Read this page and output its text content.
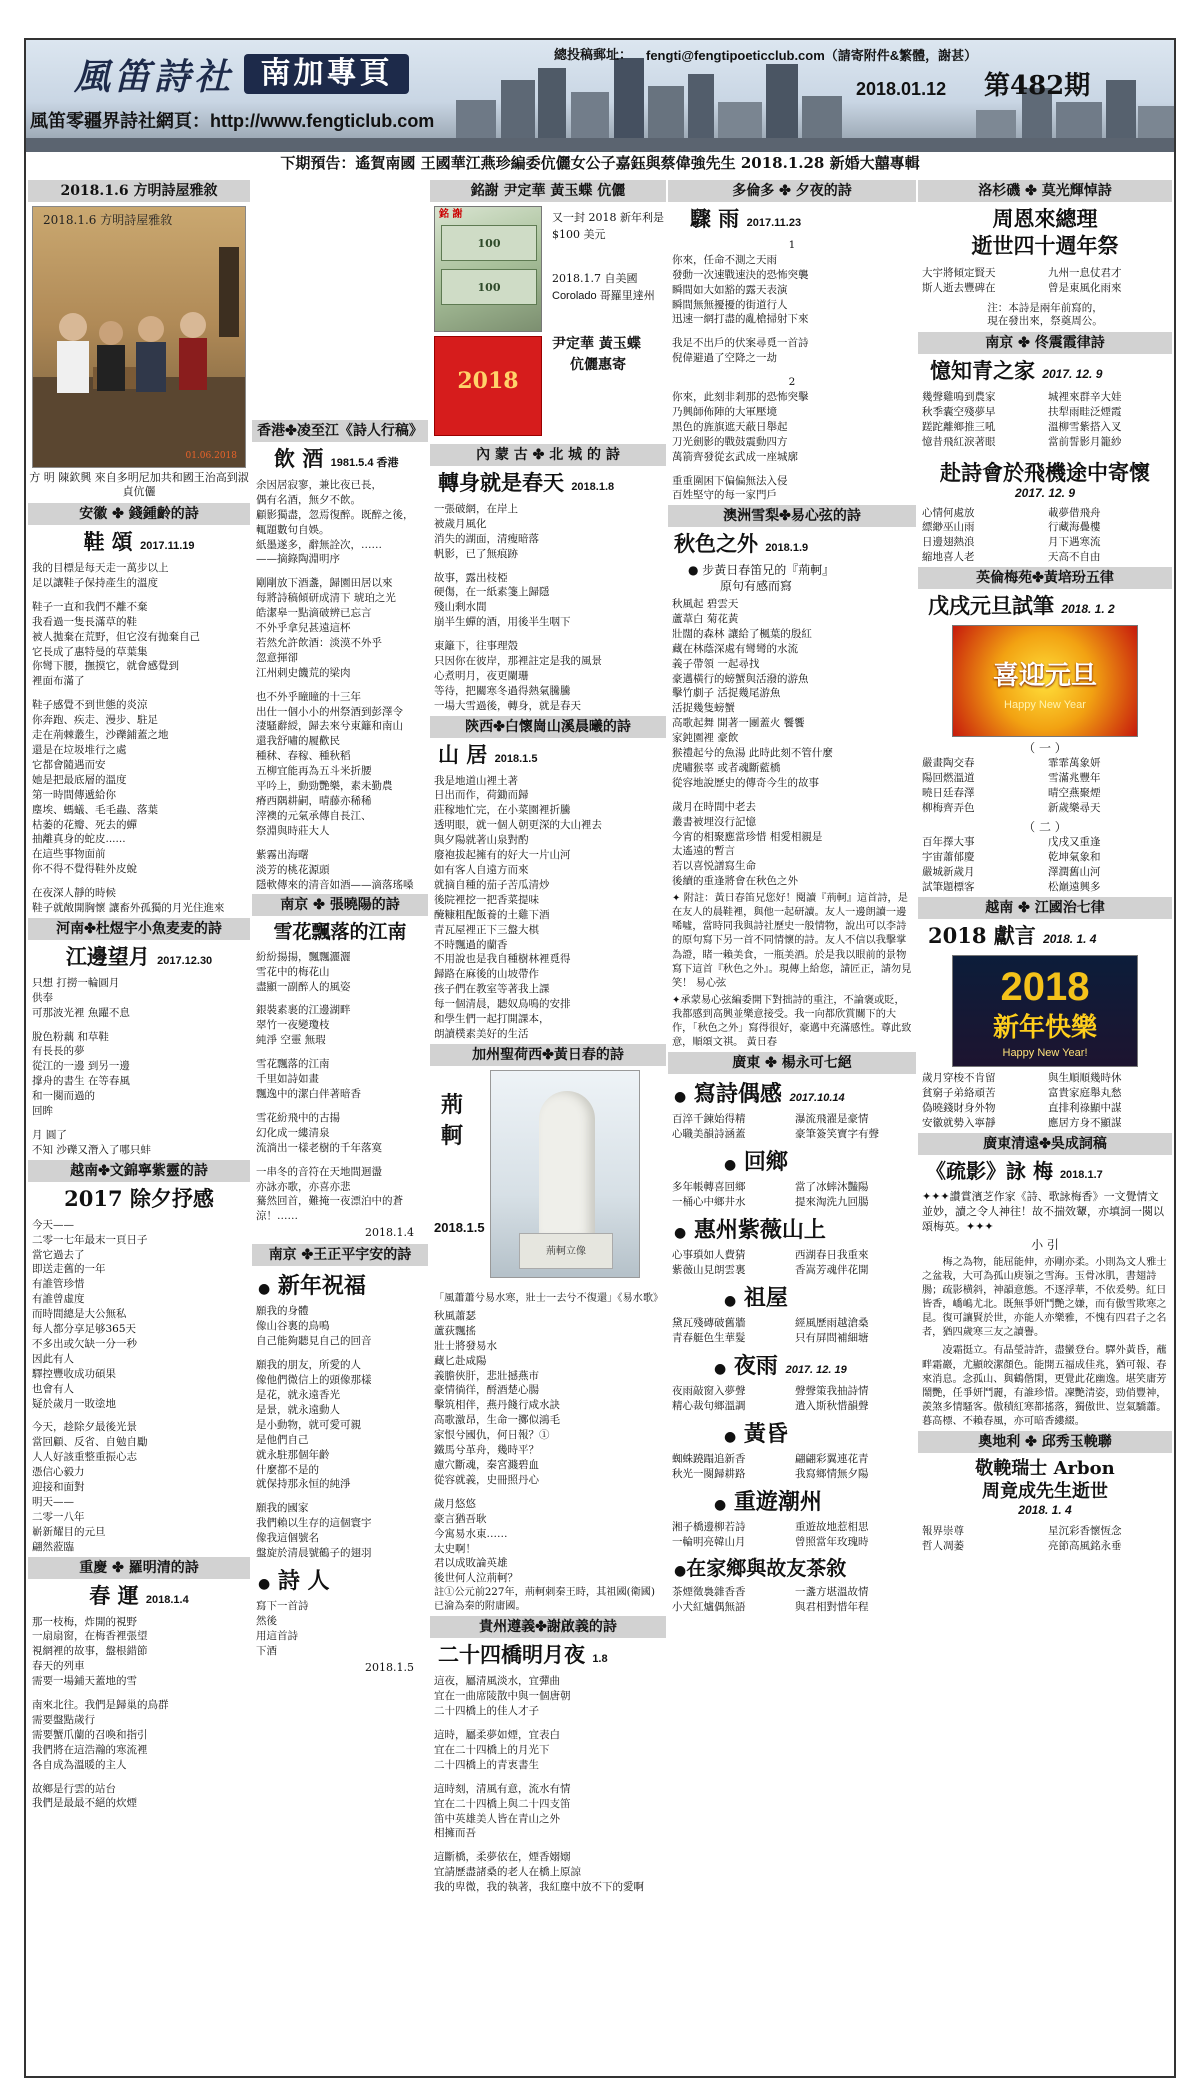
風笛詩社 南加專頁
風笛零疆界詩社網頁：http://www.fengticlub.com
總投稿郵址： fengti@fengtipoeticclub.com（請寄附件&繁體，謝甚）
2018.01.12 第482期
下期預告：遙賀南國 王國華江燕珍編委伉儷女公子嘉鈺與蔡偉強先生 2018.1.28 新婚大囍專輯
2018.1.6 方明詩屋雅敘
2018.1.6 方明詩屋雅敘
01.06.2018
方 明 陳欽興 來自多明尼加共和國王治高到淑貞伉儷
安徽 ✤ 錢鍾齡的詩
鞋 頌 2017.11.19
我的目標是每天走一萬步以上
足以讓鞋子保持產生的溫度
鞋子一直和我們不離不棄
我看過一隻長滿草的鞋
被人拋棄在荒野，但它沒有抛棄自己
它長成了惠特曼的草葉集
你彎下腰，撫摸它，就會感覺到
裡面布滿了
鞋子感覺不到世態的炎涼
你奔跑、疾走、漫步、駐足
走在荊棘叢生，沙礫鋪蓋之地
還是在垃圾堆行之處
它都會隨遇而安
她是把最底層的溫度
第一時間傳遞給你
塵埃、螞蟻、毛毛蟲、落葉
枯萎的花瓣、死去的蟬
抽離真身的蛇皮......
在這些事物面前
你不得不覺得鞋外皮蛻
在夜深人靜的時候
鞋子就敞開胸懷 讓畜外孤獨的月光住進來
河南✤杜煜宇小魚麦麦的詩
江邊望月 2017.12.30
只想 打撈一輪圓月
供奉
可那波光裡 魚躍不息
脫色粉藕 和草鞋
有長長的夢
從江的一邊 到另一邊
撑舟的書生 在等春風
和一闋而過的
回眸
月 圓了
不知 沙礫又潛入了哪只蚌
越南✤文錦寧紫靈的詩
2017 除夕抒感
今天——
二零一七年最末一頁日子
當它過去了
即送走舊的一年
有誰管珍惜
有誰曾虛度
而時間總是大公無私
每人都分享足够365天
不多出或欠缺一分一秒
因此有人
驛控豐收成功碩果
也會有人
疑於歲月一敗塗地
今天，趁除夕最後光景
當回顧、反省、自勉自勵
人人好該重整重振心志
憑信心毅力
迎接和面對
明天——
二零一八年
嶄新耀目的元旦
翩然蒞臨
重慶 ✤ 羅明清的詩
春 運 2018.1.4
那一枝梅，炸開的視野
一扇扇窗，在梅香裡張望
視網裡的故事，盤根錯節
春天的列車
需要一場鋪天蓋地的雪
南來北往。我們是歸巢的鳥群
需要盤點歲行
需要蟹爪蘭的召喚和指引
我們將在這浩瀚的寒流裡
各自成為溫暖的主人
故鄉是行雲的站台
我們是最最不絕的炊煙
香港✤凌至江《詩人行稿》
飲 酒 1981.5.4 香港
余因居寂寥，兼比夜已長，
偶有名酒，無夕不飲。
顧影獨盡，忽焉復醉。既醉之後，
輒題數句自娛。
紙墨遂多，辭無詮次，……
——摘錄陶淵明序
剛剛放下酒盞，歸園田居以來
每將詩稿傾研成清下 琥珀之光
皓潔皋一點滴破辨已忘言
不外乎拿兒甚遠這杯
若然允許飲酒：淡漠不外乎
忽意揮卻
江州刺史饑荒的梁肉
也不外乎瞳瞳的十三年
出仕一個小小的州祭酒到彭澤令
淒騷辭綬，歸去來兮東籬和南山
還我舒嘯的履歡民
種秫、春稼、種秋稻
五柳宜能再為五斗米折腰
平吟上，動勁艷樂，素未勤農
瘠西隅耕嗣，晴藤亦稀稀
滓襖的元氣承傳自長江、
祭淵與時莊大人
紫霧出海曙
淡芳的桃花源頭
隱軟傳來的清音如酒——滴落瑤嗓
南京 ✤ 張曉陽的詩
雪花飄落的江南
紛紛揚揚，飄飄灑灑
雪花中的梅花山
盡顯一副醉人的風姿
銀裝素裹的江邊湖畔
翠竹一夜變瓊枝
純淨 空靈 無瑕
雪花飄落的江南
千里如詩如畫
飄逸中的潔白伴著暗香
雪花紛飛中的古揚
幻化成一縷清泉
流淌出一樣老樹的千年落寞
一串冬的音符在天地間迴盪
亦詠亦歌，亦喜亦悲
驀然回首，難掩一夜漂泊中的蒼涼！……
2018.1.4
南京 ✤王正平宇安的詩
● 新年祝福
願我的身體
像山谷裏的鳥鳴
自己能夠聽見自己的回音
願我的朋友，所愛的人
像他們微信上的頭像那樣
是花，就永遠香光
是景，就永遠動人
是小動物，就可愛可親
是他們自己
就永駐那個年齡
什麼都不是的
就保持那永恒的純淨
願我的國家
我們賴以生存的這個寰宇
像我這個號名
盤旋於清晨號鶴子的翅羽
● 詩 人
寫下一首詩
然後
用這首詩
下酒
2018.1.5
銘謝 尹定華 黃玉蝶 伉儷
銘 謝
100
100
2018
又一封 2018 新年利是
$100 美元
2018.1.7 自美國
Corolado 哥羅里達州
尹定華 黃玉蝶
伉儷惠寄
內 蒙 古 ✤ 北 城 的 詩
轉身就是春天 2018.1.8
一張破網，在岸上
被歲月風化
消失的湖面，清瘦暗落
帆影，已了無痕跡
故事，露出枝椏
硬傷，在一紙素箋上歸隱
殘山剩水間
崩半生蟬的酒，用後半生咽下
東籬下，往事理殼
只因你在彼岸，那裡註定是我的風景
心煮明月，夜更闌珊
等待，把關寒冬過得熱氣騰騰
一場大雪過後，轉身，就是春天
陝西✤白懷崗山溪晨曦的詩
山 居 2018.1.5
我是地道山裡土著
日出而作，荷鋤而歸
莊稼地忙完，在小菜園裡折騰
透明眼，就一個人朝更深的大山裡去
與夕陽就著山泉對酌
廢袍拔起擁有的好大一片山河
如有客人自遠方而來
就摘自種的茄子苦瓜清炒
後院裡挖一把香菜提味
醃糠粗配飯養的土雞下酒
青瓦屋裡正下三盤大棋
不時飄過的蘭香
不用說也是我自種樹林裡覓得
歸路在麻後的山坡帶作
孩子們在教室等著我上課
每一個清晨，聽奴鳥鳴的安排
和學生們一起打開課本，
朗讀樸素美好的生活
加州聖荷西✤黃日春的詩
荊軻
2018.1.5
荊軻立像
「風蕭蕭兮易水寒，壯士一去兮不復還」《易水歌》
秋風蕭瑟
蘆荻飄搖
壯士將發易水
藏匕赴咸陽
義膽俠肝，悲壯撼燕市
豪情徜徉，酹酒楚心腸
擊筑相伴，燕丹餞行咸水訣
高歌激昂，生命一擲似鴻毛
家恨兮國仇，何日報？①
鐵馬兮革舟，幾時平？
慮穴斷魂，秦宮濺碧血
從容就義，史冊照丹心
歲月悠悠
豪言猶吾耿
今寓易水東……
太史啊！
君以成敗論英雄
後世何人泣荊軻？
註①公元前227年，荊軻刺秦王時，其祖國(衛國)已淪為秦的附庸國。
貴州遵義✤謝啟義的詩
二十四橋明月夜 1.8
這夜，屬清風淡水，宜彈曲
宜在一曲席陵散中與一個唐朝
二十四橋上的佳人才子
這時，屬柔夢如煙，宜表白
宜在二十四橋上的月光下
二十四橋上的青衷書生
這時刻，清風有意，流水有情
宜在二十四橋上與二十四支笛
笛中英雄美人皆在青山之外
相擁而吾
這斷橋，柔夢依在，煙香嫋嫋
宜請歷盡諸桑的老人在橋上原諒
我的卑微，我的執著，我紅塵中放不下的愛啊
多倫多 ✤ 夕夜的詩
驟 雨 2017.11.23
1
你來，任命不測之天雨
發動一次速戰速決的恐怖突襲
瞬間如大如豁的露天表演
瞬間無無擾擾的街道行人
迅速一網打盡的亂槍掃射下來
我足不出戶的伏案尋覓一首詩
倪偉避過了空降之一劫
2
你來，此刻非剎那的恐怖突擊
乃興師佈陣的大軍壓境
黑色的旌旗遮天蔽日舉起
刀光劍影的戰鼓震動四方
萬箭齊發從玄武成一座城廓
重重圍困下偏偏無法入侵
百姓堅守的每一家門戶
澳洲雪梨✤易心弦的詩
秋色之外 2018.1.9
● 步黃日春笛兄的『荊軻』
原句有感而寫
秋風起 碧雲天
蘆葦白 菊花黃
壯闊的森林 讓給了楓葉的殷紅
藏在林蔭深處有彎彎的水流
義子帶領 一起尋找
豪邁橫行的螃蟹與活潑的游魚
擊竹劇子 活捉幾尾游魚
活捉幾隻螃蟹
高歌起舞 開著一團蓋火 饗饗
家鈍園裡 豪飲
猴禮起兮的魚湯 此時此刻不管什麼
虎嘯猴辜 或者魂斷藍橋
從容地說歷史的傳奇今生的故事
歲月在時間中老去
叢書被埋沒行記憶
今宵的相聚應當珍惜 相愛相親是
太遙遠的暫言
若以喜悦譜寫生命
後續的重逢將會在秋色之外
✦ 附註：黃日春笛兄您好！閱讀『荊軻』這首詩，是在友人的晨鞋裡，與他一起研讀。友人一邊朗讀一邊唏噓，當時同我與詩社歷史一般情物，說出可以李詩的原句寫下另一首不同情懷的詩。友人不信以我擊掌為證，睹一賴美食，一瓶美酒。於是我以眼前的景物寫下這首『秋色之外』。現傳上給您，請匠正，請勿見笑！ 易心弦
✦承蒙易心弦編委開下對拙詩的重注，不論褒或貶，我都感到高興並樂意接受。我一向都欣賞關下的大作，「秋色之外」寫得很好，豪邁中充滿感性。尊此致意，順頌文祺。 黃日春
廣東 ✤ 楊永可七絕
● 寫詩偶感 2017.10.14
百淬千鍊始得精	瀑流飛濯是豪情
心職美韻詩涵蓋	豪筆簽笑寶字有聲
● 回鄉
多年帳轉喜回鄉	當了冰蟀沐豔陽
一桶心中鄉井水	提來淘洗九回腸
● 惠州紫薇山上
心事瑣如人費猜	西湖春日我重來
紫薇山見朗雲裏	香嵩芳魂伴花開
● 祖屋
黛瓦殘磚破舊牆	經風歷雨越滄桑
青春艇色生華髮	只有屏問補細塘
● 夜雨 2017. 12. 19
夜雨敲窗入夢聲	聲聲策我抽詩情
精心裁句鄉溫調	遣入斯秋惜韻聲
● 黃昏
蜘蛛蹺蹋追新香	翩翩彩翼連花青
秋光一闋歸耕路	我寫鄉情無夕陽
● 重遊潮州
湘子橋邊柳若詩	重遊故地惹相思
一輪明亮韓山月	曾照當年玫瑰時
●在家鄉與故友茶敘
茶煙徵裊雜香香	一盞方堪溫故情
小犬紅爐偶無語	與君相對惜年程
洛杉磯 ✤ 莫光輝悼詩
周恩來總理
逝世四十週年祭
大宇將傾定賢天	九州一息仗君才
斯人逝去豐碑在	曾是東風化雨來
注：本詩是兩年前寫的，
現在發出來，祭奠周公。
南京 ✤ 佟震霞律詩
憶知青之家 2017. 12. 9
幾聲雞鳴到農家	城裡來群辛大娃
秋季囊空殘夢早	扶犁雨畦泛煙霞
蹉跎離鄉推三吼	溫柳雪紫搭入叉
憶昔飛紅淚著眼	當前誓影月籠紗
赴詩會於飛機途中寄懷
2017. 12. 9
心情何處放	載夢借飛舟
縹緲巫山雨	行藏海疊樓
日邊翅熱浪	月下遇寒流
縮地喜人老	天高不自由
英倫梅苑✤黃培玢五律
戊戌元旦試筆 2018. 1. 2
喜迎元旦
Happy New Year
（ 一 ）
嚴畫陶交春	霏霏萬象妍
陽回燃溫道	雪滿兆豐年
曉日廷春澤	晴空燕聚煙
柳梅齊弄色	新歲樂尋天
（ 二 ）
百年擇大事	戊戌又重逢
宇宙蕭郁慶	乾坤氣象和
嚴城新歲月	澤潤舊山河
試筆題標客	松巔遠興多
越南 ✤ 江國治七律
2018 獻言 2018. 1. 4
2018
新年快樂
Happy New Year!
歲月穿梭不肯留	與生順順幾時休
貧窮子弟絡頑苦	富貴家庭舉丸愁
偽曉錢財身外物	直排利祿顯中謀
安徽就勢入寧靜	應居方身不顯謀
廣東清遠✤吳成詞稿
《疏影》詠 梅 2018.1.7
✦✦✦讚賞濱芝作家《詩、歌詠梅香》一文覺情文並妙，讀之令人神往！故不揣效顰，亦填詞一闋以頌梅英。✦✦✦
小 引
梅之為物，能屈能伸，亦剛亦柔。小則為文人雅士之盆栽，大可為孤山庾嶺之雪海。玉骨冰肌，書翅詩腸；疏影横斜，神韻意態。不逐浮華，不依爰勢。紅日皆香，嶠嶋尤北。既無爭妍鬥艷之嫌，而有傲雪欺寒之昆。復可讓賢於世，亦能人亦樂雅，不愧有四君子之名者，猶四歲寒三友之讀譽。
凌霜挺立。有晶瑩詩許，盡蠻登台。驛外黃昏，蘸畔霜巖，尤顯皎潔顏色。能開五福成佳兆，猶可報、春來消息。念孤山、與鶴偕閑，更覺此花幽逸。堪笑庸芳鬧艷，任爭妍鬥麗，有誰珍惜。凜艷清姿，勁俏豐神，羨煞多情騷客。傲積紅寒都搖落，獨傲世、豈氣驕蕭。暮高標、不賴春風，亦可暗香縷綴。
奧地利 ✤ 邱秀玉輓聯
敬輓瑞士 Arbon
周竟成先生逝世
2018. 1. 4
報界崇尊	星沉彩香懷恆念
哲人凋萎	亮節高風銘永垂
